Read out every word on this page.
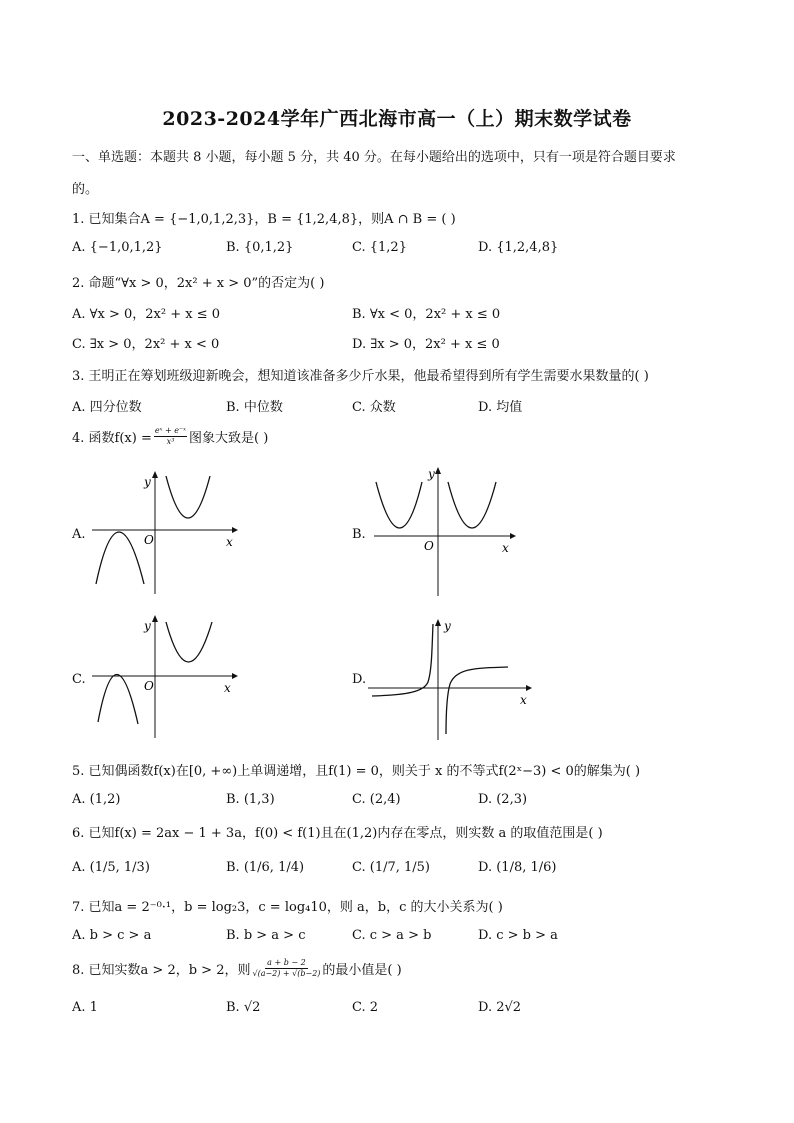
2023-2024学年广西北海市高一（上）期末数学试卷
一、单选题：本题共 8 小题，每小题 5 分，共 40 分。在每小题给出的选项中，只有一项是符合题目要求
的。
1. 已知集合A = {−1,0,1,2,3}，B = {1,2,4,8}，则A ∩ B = ( )
A. {−1,0,1,2}	B. {0,1,2}	C. {1,2}	D. {1,2,4,8}
2. 命题“∀x > 0，2x² + x > 0”的否定为( )
A. ∀x > 0，2x² + x ≤ 0	B. ∀x < 0，2x² + x ≤ 0
C. ∃x > 0，2x² + x < 0	D. ∃x > 0，2x² + x ≤ 0
3. 王明正在筹划班级迎新晚会，想知道该准备多少斤水果，他最希望得到所有学生需要水果数量的( )
A. 四分位数	B. 中位数	C. 众数	D. 均值
4. 函数$f(x) = \frac{\text{eˣ + e⁻ˣ}}{\text{x³}}$ 图象大致是( )
A.	B.
C.	D.
y
x
O
y
x
O
y
x
O
y
x
5. 已知偶函数f(x)在[0, +∞)上单调递增，且f(1) = 0，则关于 x 的不等式f(2ˣ−3) < 0的解集为( )
A. (1,2)	B. (1,3)	C. (2,4)	D. (2,3)
6. 已知f(x) = 2ax − 1 + 3a，f(0) < f(1)且在(1,2)内存在零点，则实数 a 的取值范围是( )
A. (1/5, 1/3)	B. (1/6, 1/4)	C. (1/7, 1/5)	D. (1/8, 1/6)
7. 已知a = 2⁻⁰·¹，b = log₂3，c = log₄10，则 a，b，c 的大小关系为( )
A. b > c > a	B. b > a > c	C. c > a > b	D. c > b > a
8. 已知实数a > 2，b > 2，则 $\frac{a + b - 2}{√(a-2) + √(b-2)}$ 的最小值是( )
A. 1	B. √2	C. 2	D. 2√2
